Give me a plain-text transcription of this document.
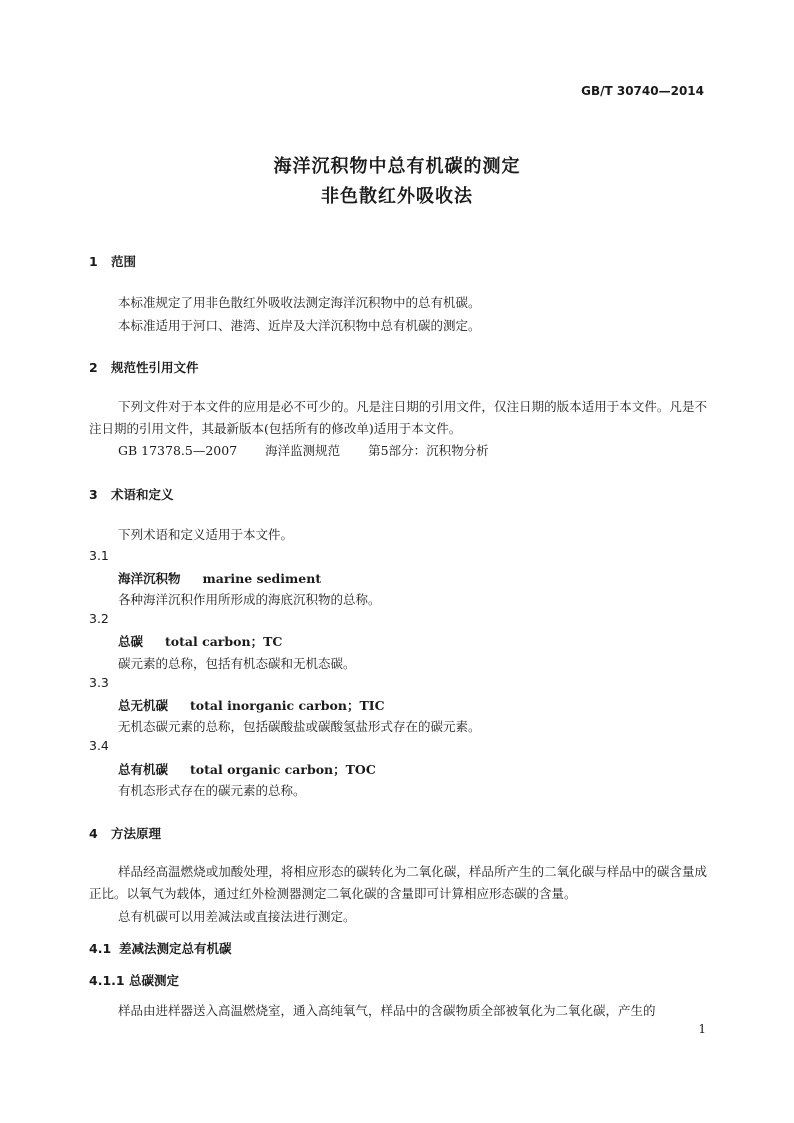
GB/T 30740—2014
海洋沉积物中总有机碳的测定
非色散红外吸收法
1 范围
本标准规定了用非色散红外吸收法测定海洋沉积物中的总有机碳。
本标准适用于河口、港湾、近岸及大洋沉积物中总有机碳的测定。
2 规范性引用文件
下列文件对于本文件的应用是必不可少的。凡是注日期的引用文件，仅注日期的版本适用于本文件。凡是不注日期的引用文件，其最新版本(包括所有的修改单)适用于本文件。
GB 17378.5—2007 海洋监测规范 第5部分：沉积物分析
3 术语和定义
下列术语和定义适用于本文件。
3.1
海洋沉积物 marine sediment
各种海洋沉积作用所形成的海底沉积物的总称。
3.2
总碳 total carbon；TC
碳元素的总称，包括有机态碳和无机态碳。
3.3
总无机碳 total inorganic carbon；TIC
无机态碳元素的总称，包括碳酸盐或碳酸氢盐形式存在的碳元素。
3.4
总有机碳 total organic carbon；TOC
有机态形式存在的碳元素的总称。
4 方法原理
样品经高温燃烧或加酸处理，将相应形态的碳转化为二氧化碳，样品所产生的二氧化碳与样品中的碳含量成正比。以氧气为载体，通过红外检测器测定二氧化碳的含量即可计算相应形态碳的含量。
总有机碳可以用差减法或直接法进行测定。
4.1 差减法测定总有机碳
4.1.1 总碳测定
样品由进样器送入高温燃烧室，通入高纯氧气，样品中的含碳物质全部被氧化为二氧化碳，产生的
1
